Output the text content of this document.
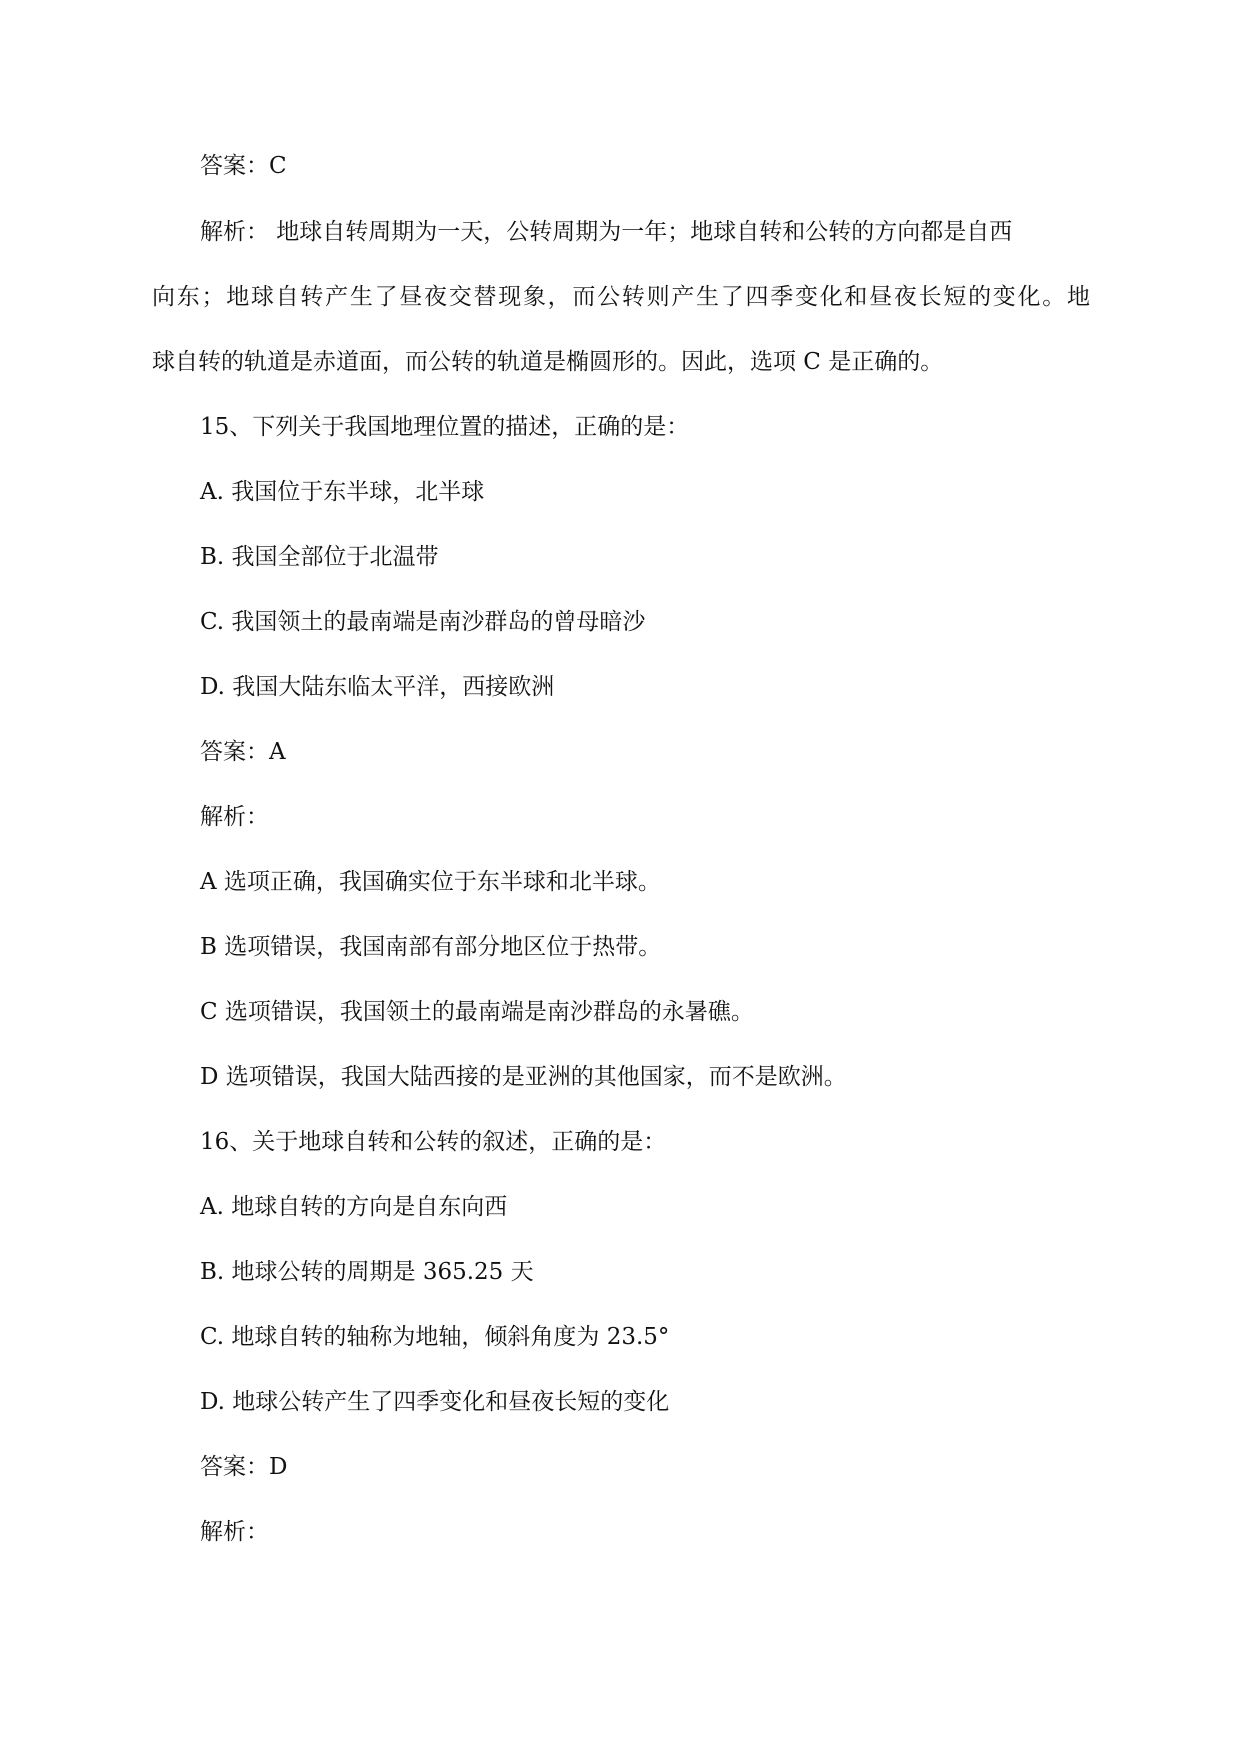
答案：C
解析： 地球自转周期为一天，公转周期为一年；地球自转和公转的方向都是自西
向东；地球自转产生了昼夜交替现象，而公转则产生了四季变化和昼夜长短的变化。地
球自转的轨道是赤道面，而公转的轨道是椭圆形的。因此，选项 C 是正确的。
15、下列关于我国地理位置的描述，正确的是：
A. 我国位于东半球，北半球
B. 我国全部位于北温带
C. 我国领土的最南端是南沙群岛的曾母暗沙
D. 我国大陆东临太平洋，西接欧洲
答案：A
解析：
A 选项正确，我国确实位于东半球和北半球。
B 选项错误，我国南部有部分地区位于热带。
C 选项错误，我国领土的最南端是南沙群岛的永暑礁。
D 选项错误，我国大陆西接的是亚洲的其他国家，而不是欧洲。
16、关于地球自转和公转的叙述，正确的是：
A. 地球自转的方向是自东向西
B. 地球公转的周期是 365.25 天
C. 地球自转的轴称为地轴，倾斜角度为 23.5°
D. 地球公转产生了四季变化和昼夜长短的变化
答案：D
解析：
